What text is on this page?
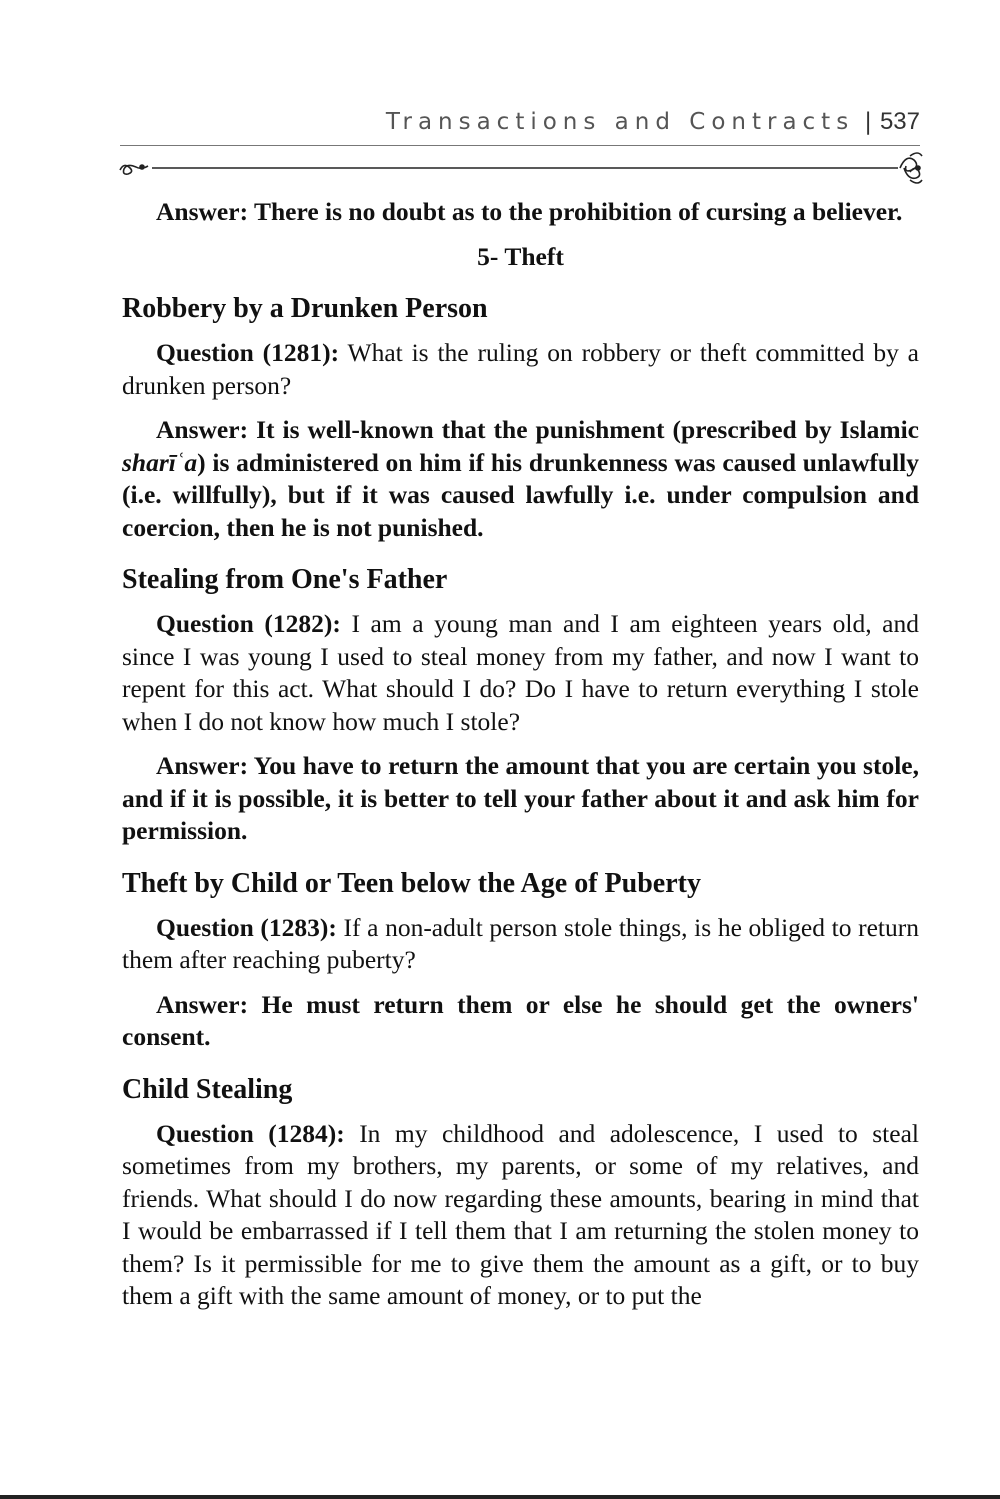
Transactions and Contracts | 537

Answer: There is no doubt as to the prohibition of cursing a believer.

5- Theft
Robbery by a Drunken Person

Question (1281): What is the ruling on robbery or theft committed by a drunken person?

Answer: It is well-known that the punishment (prescribed by Islamic sharīʿa) is administered on him if his drunkenness was caused unlawfully (i.e. willfully), but if it was caused lawfully i.e. under compulsion and coercion, then he is not punished.

Stealing from One's Father

Question (1282): I am a young man and I am eighteen years old, and since I was young I used to steal money from my father, and now I want to repent for this act. What should I do? Do I have to return everything I stole when I do not know how much I stole?

Answer: You have to return the amount that you are certain you stole, and if it is possible, it is better to tell your father about it and ask him for permission.

Theft by Child or Teen below the Age of Puberty

Question (1283): If a non-adult person stole things, is he obliged to return them after reaching puberty?

Answer: He must return them or else he should get the owners' consent.

Child Stealing

Question (1284): In my childhood and adolescence, I used to steal sometimes from my brothers, my parents, or some of my relatives, and friends. What should I do now regarding these amounts, bearing in mind that I would be embarrassed if I tell them that I am returning the stolen money to them? Is it permissible for me to give them the amount as a gift, or to buy them a gift with the same amount of money, or to put the
